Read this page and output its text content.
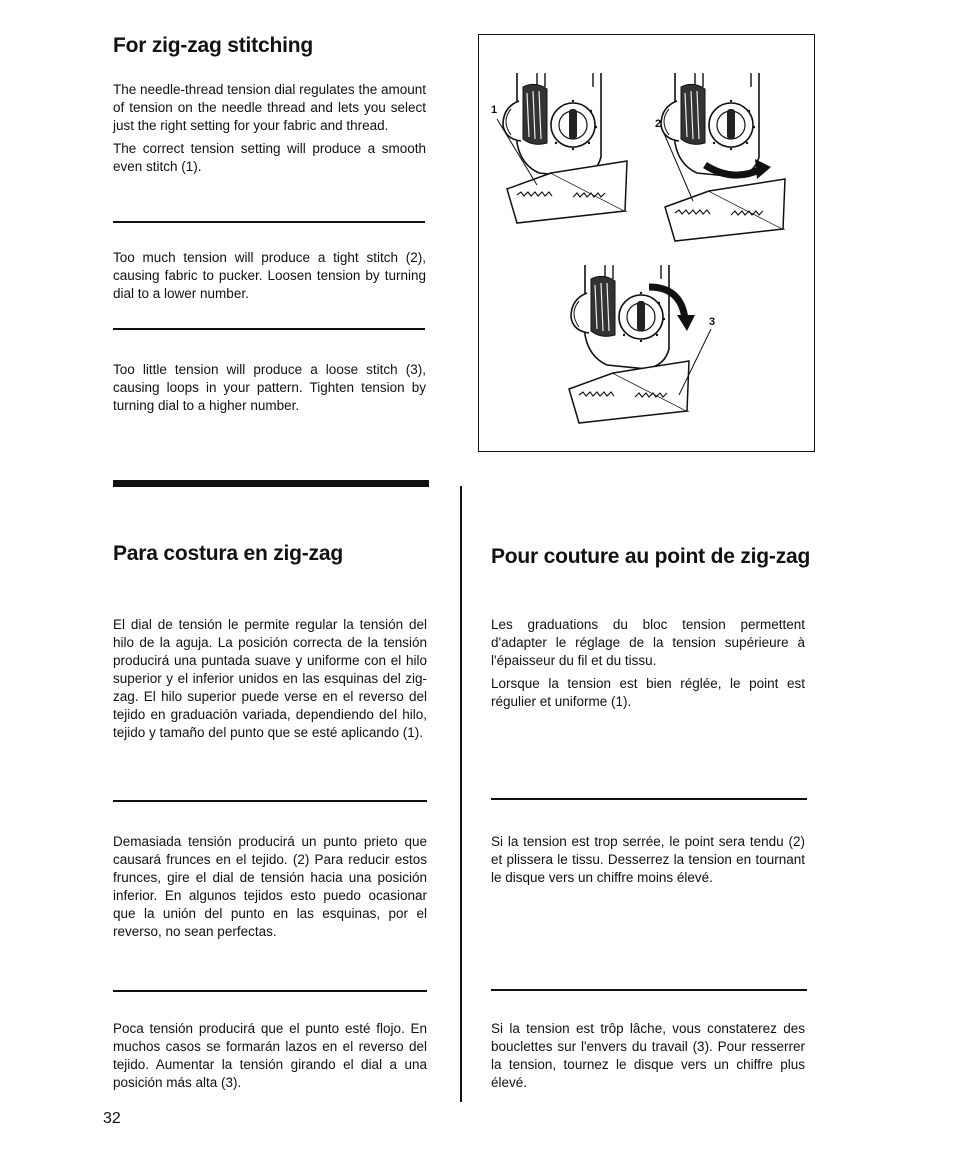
For zig-zag stitching

The needle-thread tension dial regulates the amount of tension on the needle thread and lets you select just the right setting for your fabric and thread.

The correct tension setting will produce a smooth even stitch (1).

Too much tension will produce a tight stitch (2), causing fabric to pucker. Loosen tension by turning dial to a lower number.

Too little tension will produce a loose stitch (3), causing loops in your pattern. Tighten tension by turning dial to a higher number.

1
2
3
Para costura en zig-zag

El dial de tensión le permite regular la tensión del hilo de la aguja. La posición correcta de la tensión producirá una puntada suave y uniforme con el hilo superior y el inferior unidos en las esquinas del zig-zag. El hilo superior puede verse en el reverso del tejido en graduación variada, dependiendo del hilo, tejido y tamaño del punto que se esté aplicando (1).

Demasiada tensión producirá un punto prieto que causará frunces en el tejido. (2) Para reducir estos frunces, gire el dial de tensión hacia una posición inferior. En algunos tejidos esto puedo ocasionar que la unión del punto en las esquinas, por el reverso, no sean perfectas.

Poca tensión producirá que el punto esté flojo. En muchos casos se formarán lazos en el reverso del tejido. Aumentar la tensión girando el dial a una posición más alta (3).

Pour couture au point de zig-zag

Les graduations du bloc tension permettent d'adapter le réglage de la tension supérieure à l'épaisseur du fil et du tissu.

Lorsque la tension est bien réglée, le point est régulier et uniforme (1).

Si la tension est trop serrée, le point sera tendu (2) et plissera le tissu. Desserrez la tension en tournant le disque vers un chiffre moins élevé.

Si la tension est trôp lâche, vous constaterez des bouclettes sur l'envers du travail (3). Pour resserrer la tension, tournez le disque vers un chiffre plus élevé.

32
